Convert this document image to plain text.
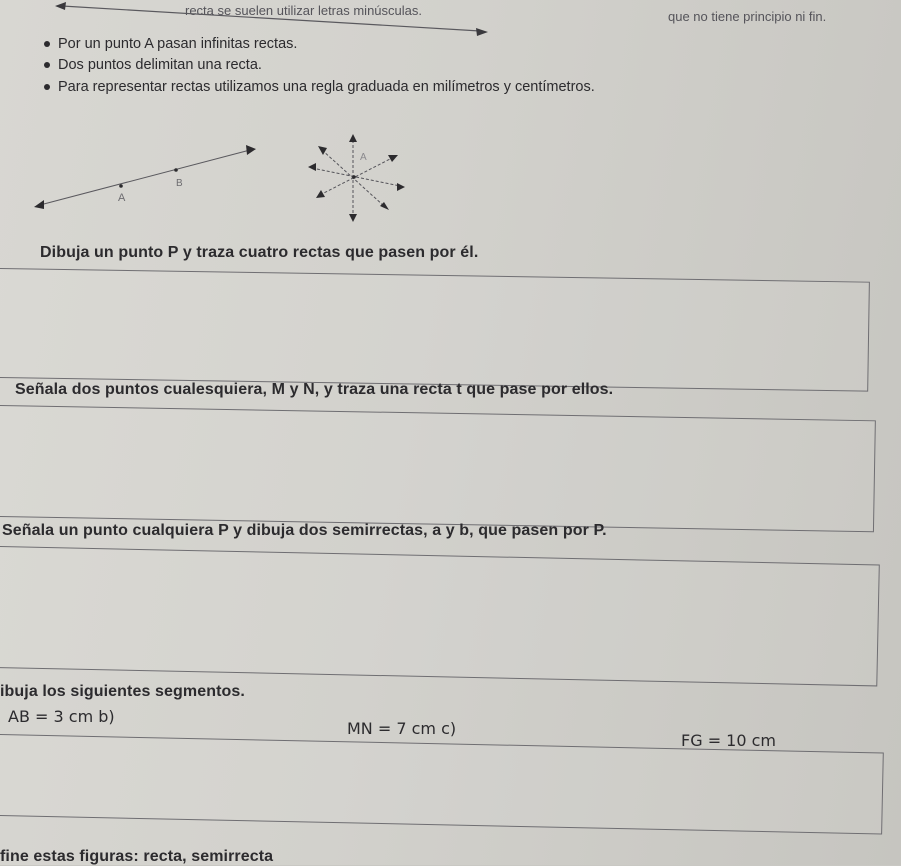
recta se suelen utilizar letras minúsculas.	que no tiene principio ni fin.
Por un punto A pasan infinitas rectas.
Dos puntos delimitan una recta.
Para representar rectas utilizamos una regla graduada en milímetros y centímetros.
A
B
A
Dibuja un punto P y traza cuatro rectas que pasen por él.
Señala dos puntos cualesquiera, M y N, y traza una recta t que pase por ellos.
Señala un punto cualquiera P y dibuja dos semirrectas, a y b, que pasen por P.
ibuja los siguientes segmentos.
AB = 3 cm b)
MN = 7 cm c)
FG = 10 cm
fine estas figuras: recta, semirrecta
